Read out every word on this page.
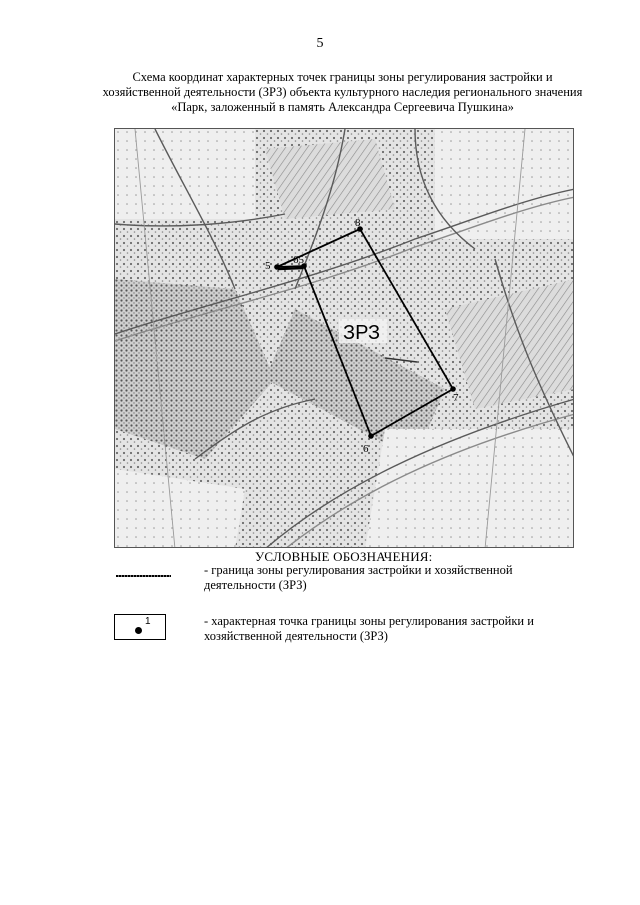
5
Схема координат характерных точек границы зоны регулирования застройки и
хозяйственной деятельности (ЗРЗ) объекта культурного наследия регионального значения
«Парк, заложенный в память Александра Сергеевича Пушкина»
8
65
5
7
6
ЗРЗ
УСЛОВНЫЕ ОБОЗНАЧЕНИЯ:
- граница зоны регулирования застройки и хозяйственной
деятельности (ЗРЗ)
1	- характерная точка границы зоны регулирования застройки и
хозяйственной деятельности (ЗРЗ)
